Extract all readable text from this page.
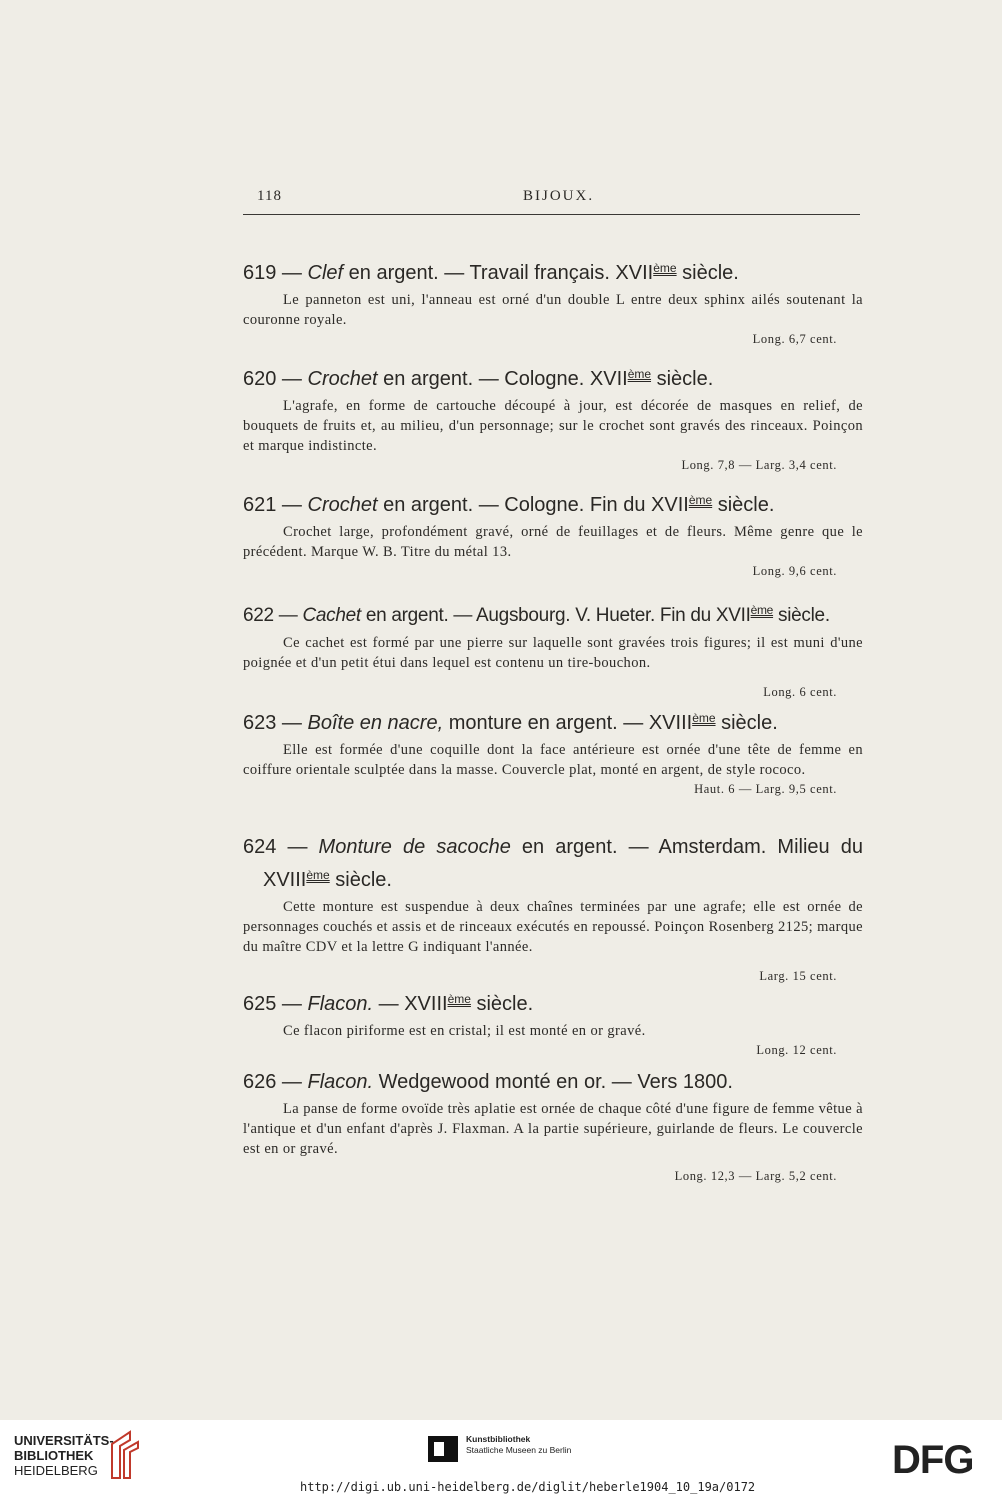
118	BIJOUX.
619 — Clef en argent. — Travail français. XVIIème siècle.
Le panneton est uni, l'anneau est orné d'un double L entre deux sphinx ailés soutenant la couronne royale.
Long. 6,7 cent.
620 — Crochet en argent. — Cologne. XVIIème siècle.
L'agrafe, en forme de cartouche découpé à jour, est décorée de masques en relief, de bouquets de fruits et, au milieu, d'un personnage; sur le crochet sont gravés des rinceaux. Poinçon et marque indistincte.
Long. 7,8 — Larg. 3,4 cent.
621 — Crochet en argent. — Cologne. Fin du XVIIème siècle.
Crochet large, profondément gravé, orné de feuillages et de fleurs. Même genre que le précédent. Marque W. B. Titre du métal 13.
Long. 9,6 cent.
622 — Cachet en argent. — Augsbourg. V. Hueter. Fin du XVIIème siècle.
Ce cachet est formé par une pierre sur laquelle sont gravées trois figures; il est muni d'une poignée et d'un petit étui dans lequel est contenu un tire-bouchon.
Long. 6 cent.
623 — Boîte en nacre, monture en argent. — XVIIIème siècle.
Elle est formée d'une coquille dont la face antérieure est ornée d'une tête de femme en coiffure orientale sculptée dans la masse. Couvercle plat, monté en argent, de style rococo.
Haut. 6 — Larg. 9,5 cent.
624 — Monture de sacoche en argent. — Amsterdam. Milieu du
XVIIIème siècle.
Cette monture est suspendue à deux chaînes terminées par une agrafe; elle est ornée de personnages couchés et assis et de rinceaux exécutés en repoussé. Poinçon Rosenberg 2125; marque du maître CDV et la lettre G indiquant l'année.
Larg. 15 cent.
625 — Flacon. — XVIIIème siècle.
Ce flacon piriforme est en cristal; il est monté en or gravé.
Long. 12 cent.
626 — Flacon. Wedgewood monté en or. — Vers 1800.
La panse de forme ovoïde très aplatie est ornée de chaque côté d'une figure de femme vêtue à l'antique et d'un enfant d'après J. Flaxman. A la partie supérieure, guirlande de fleurs. Le couvercle est en or gravé.
Long. 12,3 — Larg. 5,2 cent.
UNIVERSITÄTS-
BIBLIOTHEK
HEIDELBERG
Kunstbibliothek
Staatliche Museen zu Berlin	DFG
http://digi.ub.uni-heidelberg.de/diglit/heberle1904_10_19a/0172
